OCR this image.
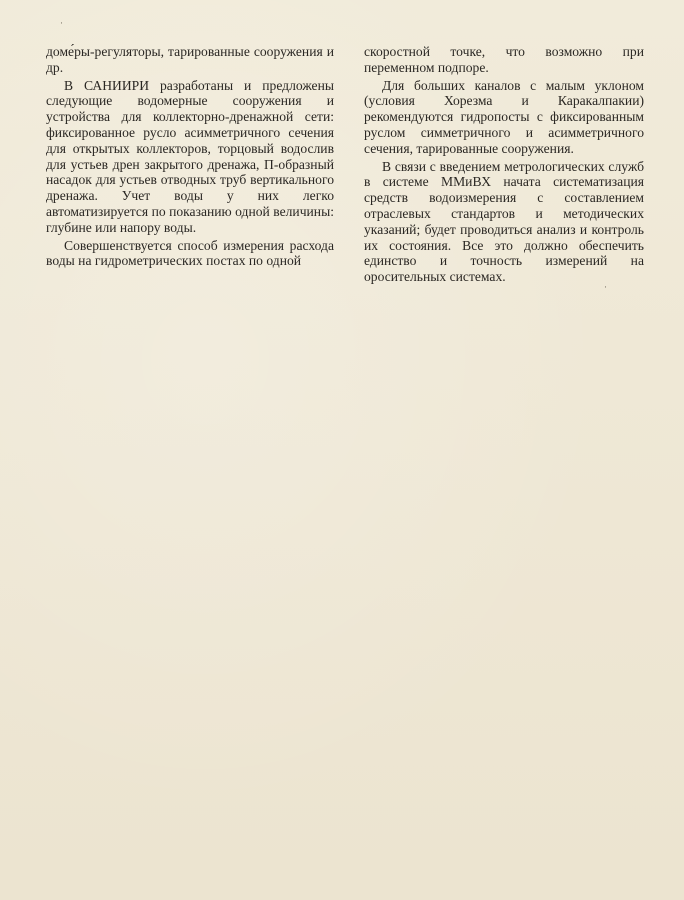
доме́ры-регуляторы, тарированные сооружения и др.

В САНИИРИ разработаны и предложены следующие водомерные сооружения и устройства для коллекторно-дренажной сети: фиксированное русло асимметричного сечения для открытых коллекторов, торцовый водослив для устьев дрен закрытого дренажа, П-образный насадок для устьев отводных труб вертикального дренажа. Учет воды у них легко автоматизируется по показанию одной величины: глубине или напору воды.

Совершенствуется способ измерения расхода воды на гидрометрических постах по одной

скоростной точке, что возможно при переменном подпоре.

Для больших каналов с малым уклоном (условия Хорезма и Каракалпакии) рекомендуются гидропосты с фиксированным руслом симметричного и асимметричного сечения, тарированные сооружения.

В связи с введением метрологических служб в системе ММиВХ начата систематизация средств водоизмерения с составлением отраслевых стандартов и методических указаний; будет проводиться анализ и контроль их состояния. Все это должно обеспечить единство и точность измерений на оросительных системах.

·
·
